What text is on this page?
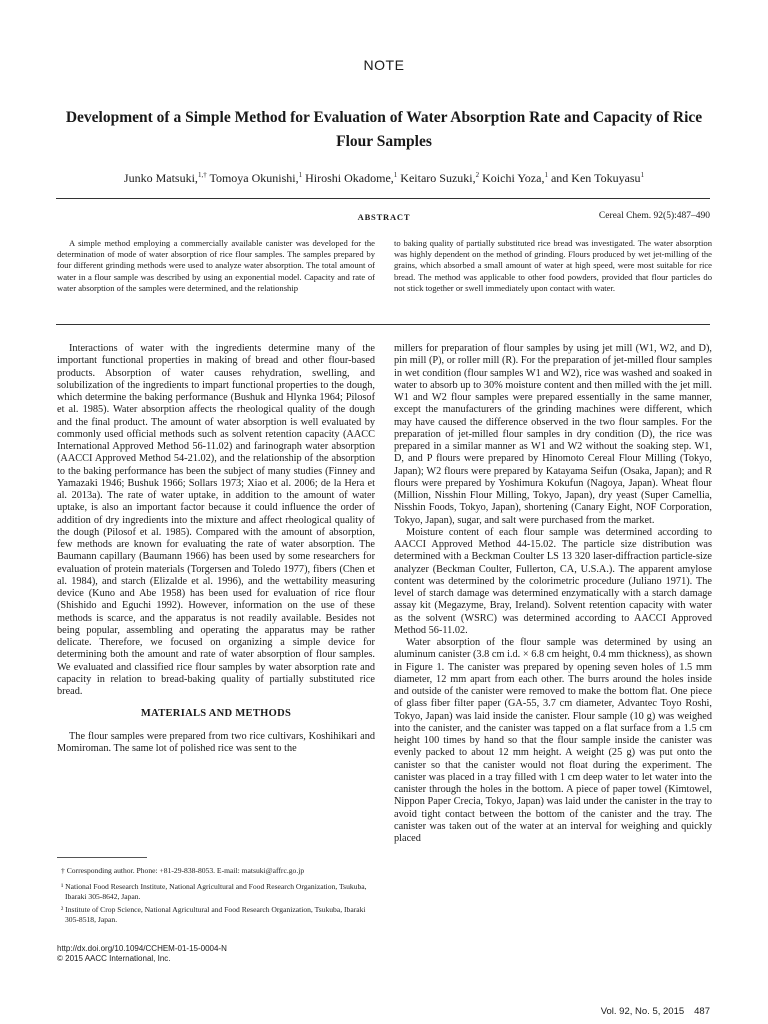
NOTE
Development of a Simple Method for Evaluation of Water Absorption Rate and Capacity of Rice Flour Samples
Junko Matsuki,$^{1,\dagger}$ Tomoya Okunishi,$^1$ Hiroshi Okadome,$^1$ Keitaro Suzuki,$^2$ Koichi Yoza,$^1$ and Ken Tokuyasu$^1$
ABSTRACT	Cereal Chem. 92(5):487–490

A simple method employing a commercially available canister was developed for the determination of mode of water absorption of rice flour samples. The samples prepared by four different grinding methods were used to analyze water absorption. The total amount of water in a flour sample was described by using an exponential model. Capacity and rate of water absorption of the samples were determined, and the relationship

to baking quality of partially substituted rice bread was investigated. The water absorption was highly dependent on the method of grinding. Flours produced by wet jet-milling of the grains, which absorbed a small amount of water at high speed, were most suitable for rice bread. The method was applicable to other food powders, provided that flour particles do not stick together or swell immediately upon contact with water.

Interactions of water with the ingredients determine many of the important functional properties in making of bread and other flour-based products. Absorption of water causes rehydration, swelling, and solubilization of the ingredients to impart functional properties to the dough, which determine the baking performance (Bushuk and Hlynka 1964; Pilosof et al. 1985). Water absorption affects the rheological quality of the dough and the final product. The amount of water absorption is well evaluated by commonly used official methods such as solvent retention capacity (AACC International Approved Method 56-11.02) and farinograph water absorption (AACCI Approved Method 54-21.02), and the relationship of the absorption to the baking performance has been the subject of many studies (Finney and Yamazaki 1946; Bushuk 1966; Sollars 1973; Xiao et al. 2006; de la Hera et al. 2013a). The rate of water uptake, in addition to the amount of water uptake, is also an important factor because it could influence the order of addition of dry ingredients into the mixture and affect rheological quality of the dough (Pilosof et al. 1985). Compared with the amount of absorption, few methods are known for evaluating the rate of water absorption. The Baumann capillary (Baumann 1966) has been used by some researchers for evaluation of protein materials (Torgersen and Toledo 1977), fibers (Chen et al. 1984), and starch (Elizalde et al. 1996), and the wettability measuring device (Kuno and Abe 1958) has been used for evaluation of rice flour (Shishido and Eguchi 1992). However, information on the use of these methods is scarce, and the apparatus is not readily available. Besides not being popular, assembling and operating the apparatus may be rather delicate. Therefore, we focused on organizing a simple device for determining both the amount and rate of water absorption of flour samples. We evaluated and classified rice flour samples by water absorption rate and capacity in relation to bread-baking quality of partially substituted rice bread.

MATERIALS AND METHODS

The flour samples were prepared from two rice cultivars, Koshihikari and Momiroman. The same lot of polished rice was sent to the

millers for preparation of flour samples by using jet mill (W1, W2, and D), pin mill (P), or roller mill (R). For the preparation of jet-milled flour samples in wet condition (flour samples W1 and W2), rice was washed and soaked in water to absorb up to 30% moisture content and then milled with the jet mill. W1 and W2 flour samples were prepared essentially in the same manner, except the manufacturers of the grinding machines were different, which may have caused the difference observed in the two flour samples. For the preparation of jet-milled flour samples in dry condition (D), the rice was prepared in a similar manner as W1 and W2 without the soaking step. W1, D, and P flours were prepared by Hinomoto Cereal Flour Milling (Tokyo, Japan); W2 flours were prepared by Katayama Seifun (Osaka, Japan); and R flours were prepared by Yoshimura Kokufun (Nagoya, Japan). Wheat flour (Million, Nisshin Flour Milling, Tokyo, Japan), dry yeast (Super Camellia, Nisshin Foods, Tokyo, Japan), shortening (Canary Eight, NOF Corporation, Tokyo, Japan), sugar, and salt were purchased from the market.

Moisture content of each flour sample was determined according to AACCI Approved Method 44-15.02. The particle size distribution was determined with a Beckman Coulter LS 13 320 laser-diffraction particle-size analyzer (Beckman Coulter, Fullerton, CA, U.S.A.). The apparent amylose content was determined by the colorimetric procedure (Juliano 1971). The level of starch damage was determined enzymatically with a starch damage assay kit (Megazyme, Bray, Ireland). Solvent retention capacity with water as the solvent (WSRC) was determined according to AACCI Approved Method 56-11.02.

Water absorption of the flour sample was determined by using an aluminum canister (3.8 cm i.d. × 6.8 cm height, 0.4 mm thickness), as shown in Figure 1. The canister was prepared by opening seven holes of 1.5 mm diameter, 12 mm apart from each other. The burrs around the holes inside and outside of the canister were removed to make the bottom flat. One piece of glass fiber filter paper (GA-55, 3.7 cm diameter, Advantec Toyo Roshi, Tokyo, Japan) was laid inside the canister. Flour sample (10 g) was weighed into the canister, and the canister was tapped on a flat surface from a 1.5 cm height 100 times by hand so that the flour sample inside the canister was evenly packed to about 12 mm height. A weight (25 g) was put onto the canister so that the canister would not float during the experiment. The canister was placed in a tray filled with 1 cm deep water to let water into the canister through the holes in the bottom. A piece of paper towel (Kimtowel, Nippon Paper Crecia, Tokyo, Japan) was laid under the canister in the tray to avoid tight contact between the bottom of the canister and the tray. The canister was taken out of the water at an interval for weighing and quickly placed

† Corresponding author. Phone: +81-29-838-8053. E-mail: matsuki@affrc.go.jp

¹ National Food Research Institute, National Agricultural and Food Research Organization, Tsukuba, Ibaraki 305-8642, Japan.

² Institute of Crop Science, National Agricultural and Food Research Organization, Tsukuba, Ibaraki 305-8518, Japan.

http://dx.doi.org/10.1094/CCHEM-01-15-0004-N
© 2015 AACC International, Inc.
Vol. 92, No. 5, 2015 487
